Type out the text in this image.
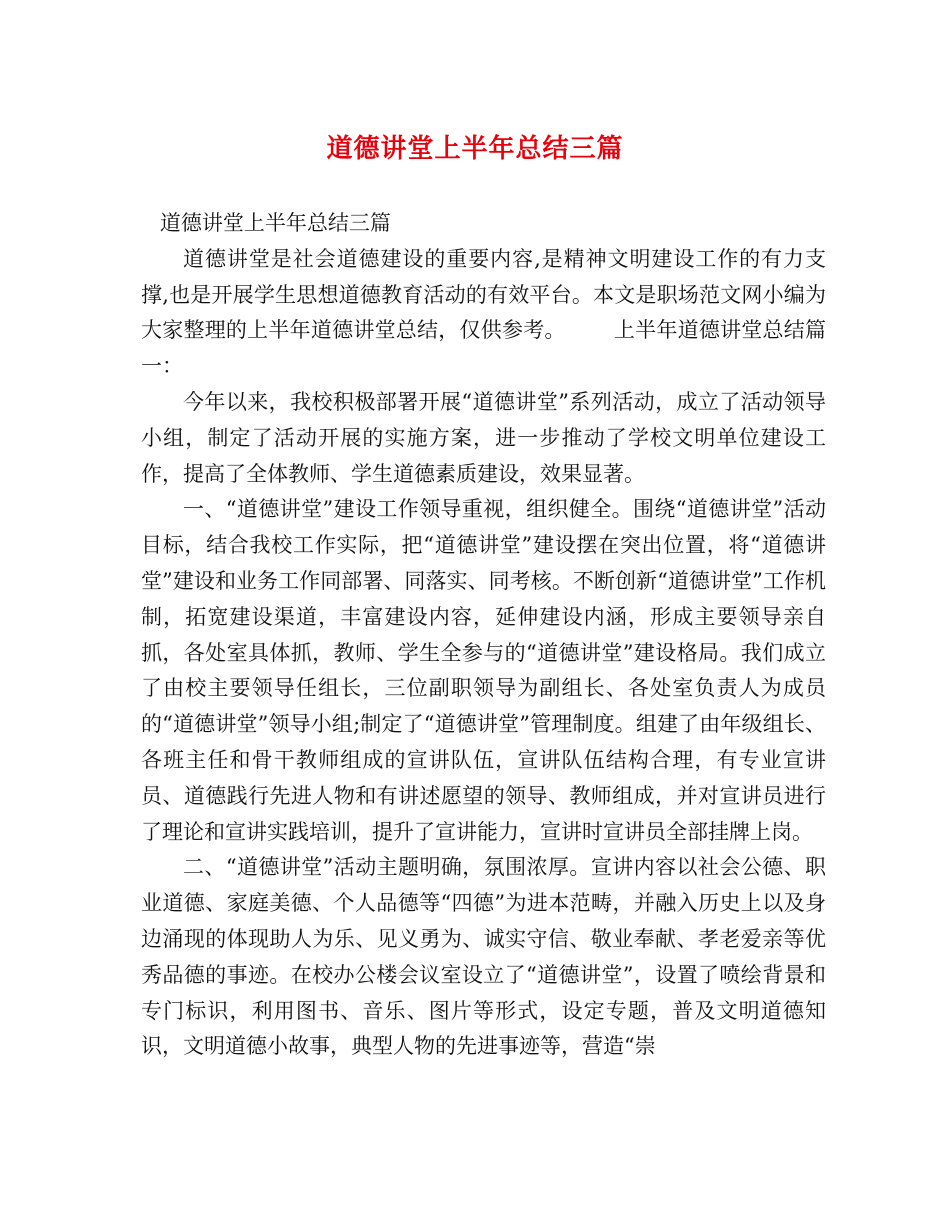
道德讲堂上半年总结三篇

道德讲堂上半年总结三篇

道德讲堂是社会道德建设的重要内容,是精神文明建设工作的有力支撑,也是开展学生思想道德教育活动的有效平台。本文是职场范文网小编为大家整理的上半年道德讲堂总结，仅供参考。 上半年道德讲堂总结篇一：

今年以来，我校积极部署开展“道德讲堂”系列活动，成立了活动领导小组，制定了活动开展的实施方案，进一步推动了学校文明单位建设工作，提高了全体教师、学生道德素质建设，效果显著。

一、“道德讲堂”建设工作领导重视，组织健全。围绕“道德讲堂”活动目标，结合我校工作实际，把“道德讲堂”建设摆在突出位置，将“道德讲堂”建设和业务工作同部署、同落实、同考核。不断创新“道德讲堂”工作机制，拓宽建设渠道，丰富建设内容，延伸建设内涵，形成主要领导亲自抓，各处室具体抓，教师、学生全参与的“道德讲堂”建设格局。我们成立了由校主要领导任组长，三位副职领导为副组长、各处室负责人为成员的“道德讲堂”领导小组;制定了“道德讲堂”管理制度。组建了由年级组长、各班主任和骨干教师组成的宣讲队伍，宣讲队伍结构合理，有专业宣讲员、道德践行先进人物和有讲述愿望的领导、教师组成，并对宣讲员进行了理论和宣讲实践培训，提升了宣讲能力，宣讲时宣讲员全部挂牌上岗。

二、“道德讲堂”活动主题明确，氛围浓厚。宣讲内容以社会公德、职业道德、家庭美德、个人品德等“四德”为进本范畴，并融入历史上以及身边涌现的体现助人为乐、见义勇为、诚实守信、敬业奉献、孝老爱亲等优秀品德的事迹。在校办公楼会议室设立了“道德讲堂”，设置了喷绘背景和专门标识，利用图书、音乐、图片等形式，设定专题，普及文明道德知识，文明道德小故事，典型人物的先进事迹等，营造“崇
